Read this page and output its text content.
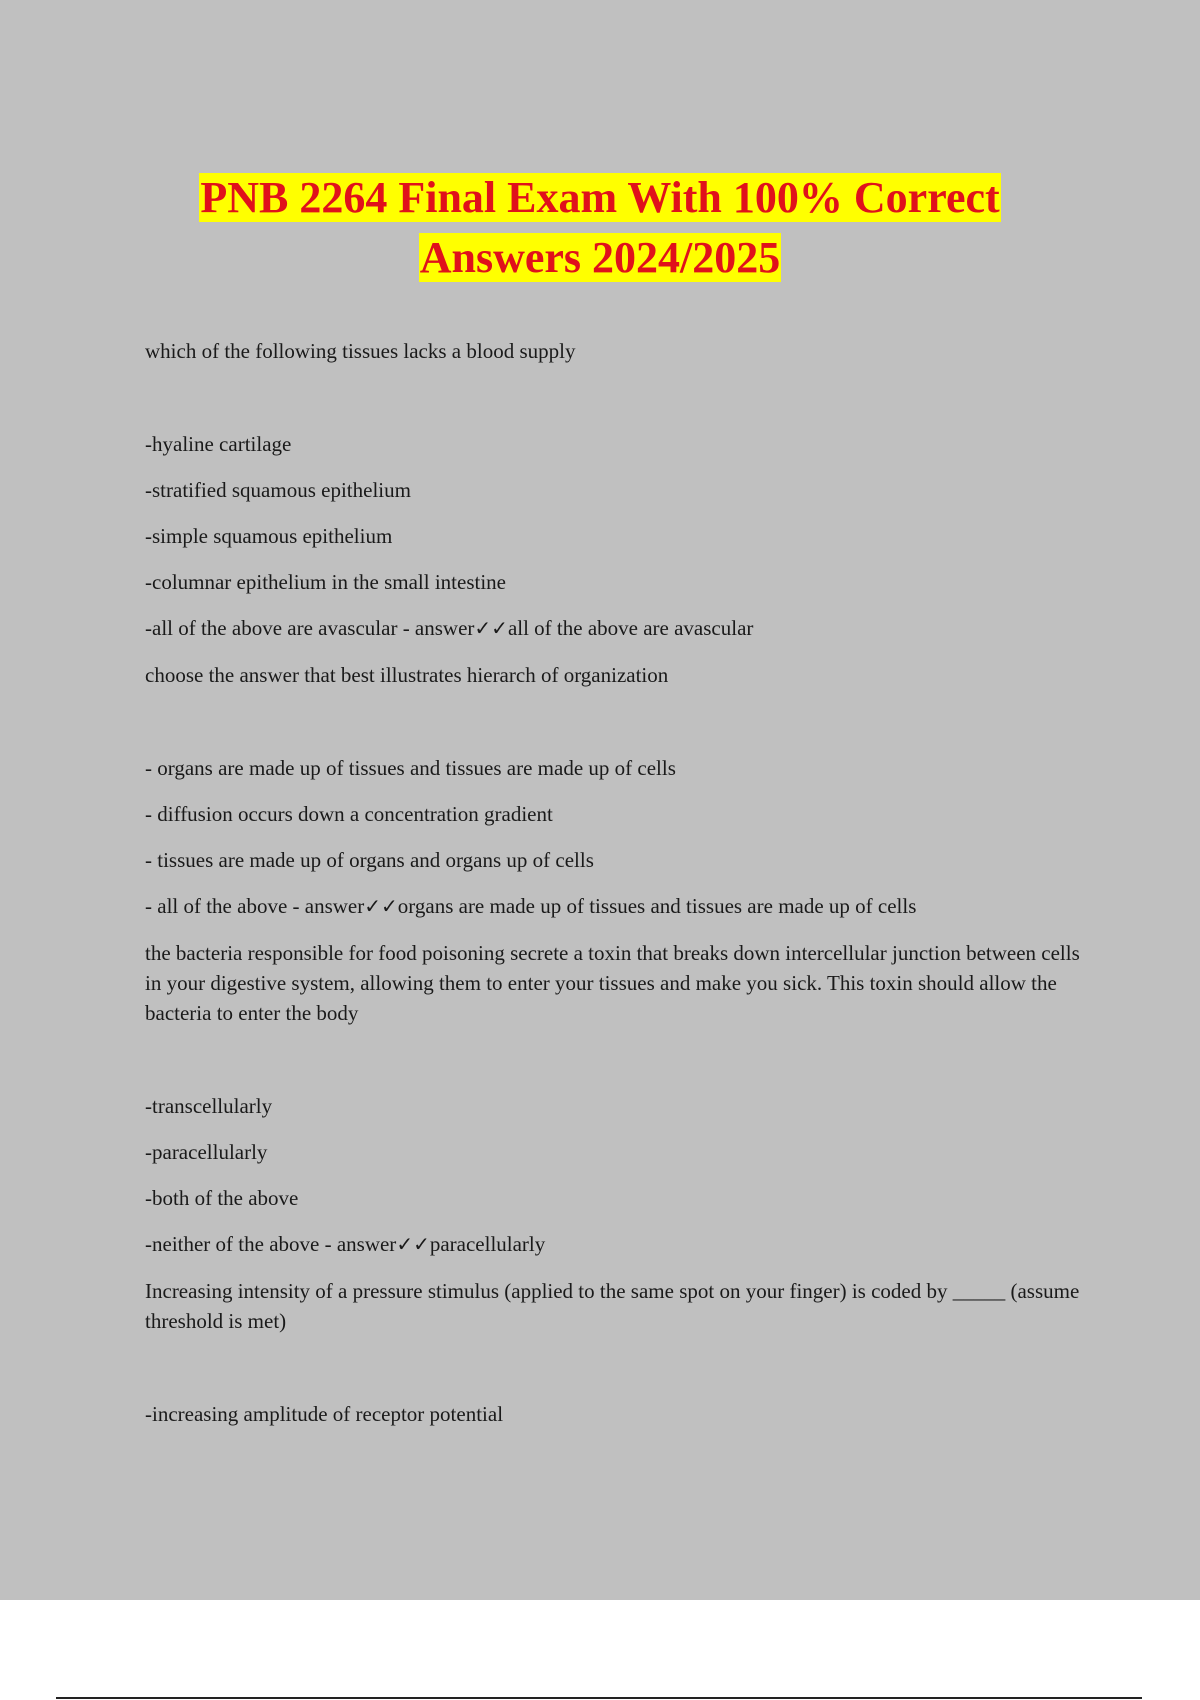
PNB 2264 Final Exam With 100% Correct
Answers 2024/2025

which of the following tissues lacks a blood supply

-hyaline cartilage

-stratified squamous epithelium

-simple squamous epithelium

-columnar epithelium in the small intestine

-all of the above are avascular - answer✓✓all of the above are avascular

choose the answer that best illustrates hierarch of organization

- organs are made up of tissues and tissues are made up of cells

- diffusion occurs down a concentration gradient

- tissues are made up of organs and organs up of cells

- all of the above - answer✓✓organs are made up of tissues and tissues are made up of cells

the bacteria responsible for food poisoning secrete a toxin that breaks down intercellular junction between cells in your digestive system, allowing them to enter your tissues and make you sick. This toxin should allow the bacteria to enter the body

-transcellularly

-paracellularly

-both of the above

-neither of the above - answer✓✓paracellularly

Increasing intensity of a pressure stimulus (applied to the same spot on your finger) is coded by _____ (assume threshold is met)

-increasing amplitude of receptor potential
